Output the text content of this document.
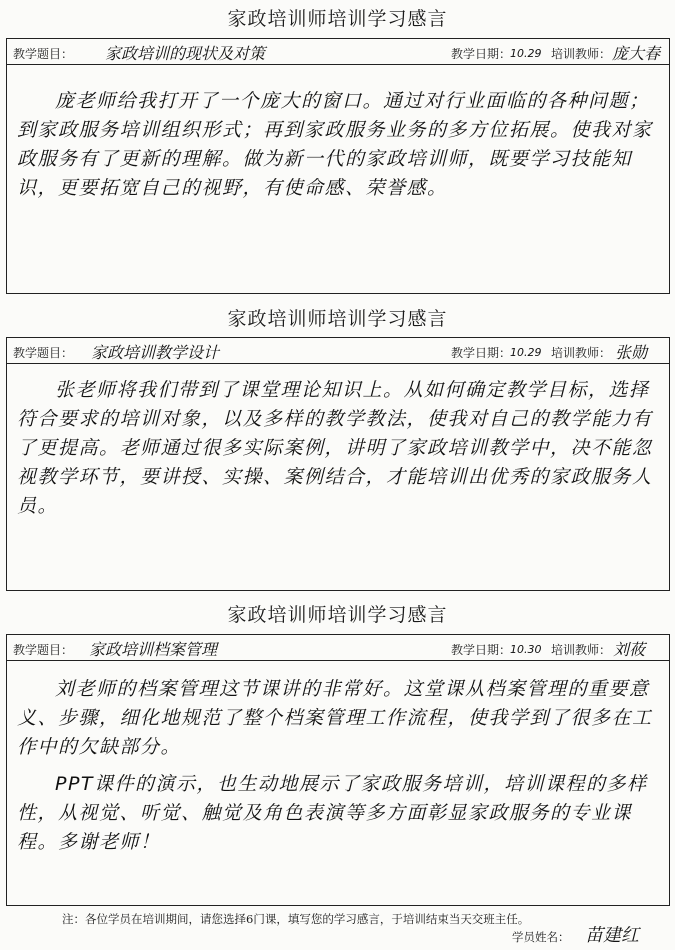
家政培训师培训学习感言
教学题目： 家政培训的现状及对策	教学日期：
10.29 培训教师： 庞大春

庞老师给我打开了一个庞大的窗口。通过对行业面临的各种问题；到家政服务培训组织形式；再到家政服务业务的多方位拓展。使我对家政服务有了更新的理解。做为新一代的家政培训师，既要学习技能知识，更要拓宽自己的视野，有使命感、荣誉感。

家政培训师培训学习感言
教学题目： 家政培训教学设计	教学日期：
10.29 培训教师： 张勋

张老师将我们带到了课堂理论知识上。从如何确定教学目标，选择符合要求的培训对象，以及多样的教学教法，使我对自己的教学能力有了更提高。老师通过很多实际案例，讲明了家政培训教学中，决不能忽视教学环节，要讲授、实操、案例结合，才能培训出优秀的家政服务人员。

家政培训师培训学习感言
教学题目： 家政培训档案管理	教学日期：
10.30 培训教师： 刘莜

刘老师的档案管理这节课讲的非常好。这堂课从档案管理的重要意义、步骤，细化地规范了整个档案管理工作流程，使我学到了很多在工作中的欠缺部分。

PPT课件的演示，也生动地展示了家政服务培训，培训课程的多样性，从视觉、听觉、触觉及角色表演等多方面彰显家政服务的专业课程。多谢老师！

注：各位学员在培训期间，请您选择6门课，填写您的学习感言，于培训结束当天交班主任。
学员姓名： 苗建红
